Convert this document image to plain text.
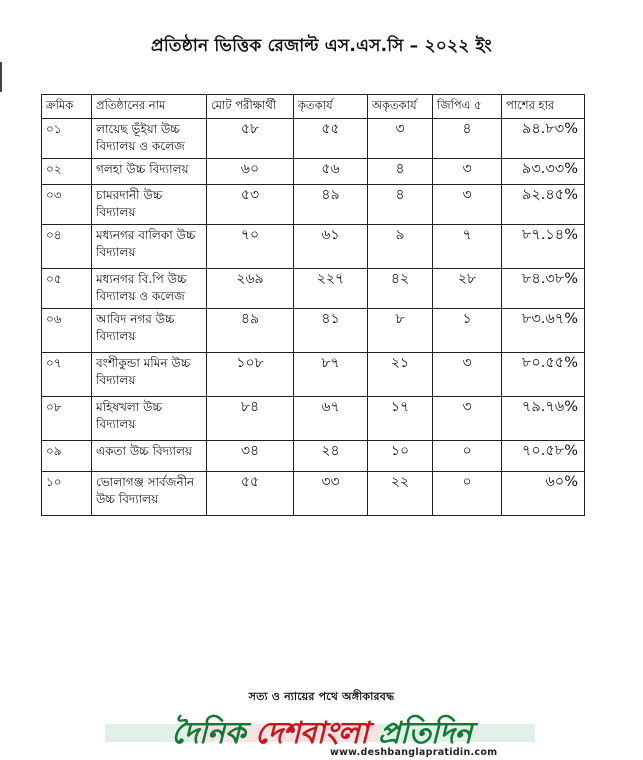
প্রতিষ্ঠান ভিত্তিক রেজাল্ট এস.এস.সি – ২০২২ ইং
ক্রমিক	প্রতিষ্ঠানের নাম	মোট পরীক্ষার্থী	কৃতকার্য	অকৃতকার্য	জিপিএ ৫	পাশের হার
০১	লায়েছ ভূঁইয়া উচ্চ বিদ্যালয় ও কলেজ	৫৮	৫৫	৩	৪	৯৪.৮৩%
০২	গলহা উচ্চ বিদ্যালয়	৬০	৫৬	৪	৩	৯৩.৩৩%
০৩	চামরদানী উচ্চ বিদ্যালয়	৫৩	৪৯	৪	৩	৯২.৪৫%
০৪	মধ্যনগর বালিকা উচ্চ বিদ্যালয়	৭০	৬১	৯	৭	৮৭.১৪%
০৫	মধ্যনগর বি.পি উচ্চ বিদ্যালয় ও কলেজ	২৬৯	২২৭	৪২	২৮	৮৪.৩৮%
০৬	আবিদ নগর উচ্চ বিদ্যালয়	৪৯	৪১	৮	১	৮৩.৬৭%
০৭	বংশীকুন্ডা মমিন উচ্চ বিদ্যালয়	১০৮	৮৭	২১	৩	৮০.৫৫%
০৮	মহিষখলা উচ্চ বিদ্যালয়	৮৪	৬৭	১৭	৩	৭৯.৭৬%
০৯	একতা উচ্চ বিদ্যালয়	৩৪	২৪	১০	০	৭০.৫৮%
১০	ভোলাগঞ্জ সার্বজনীন উচ্চ বিদ্যালয়	৫৫	৩৩	২২	০	৬০%
সত্য ও ন্যায়ের পথে অঙ্গীকারবদ্ধ
দৈনিক দেশবাংলা প্রতিদিন
www.deshbanglapratidin.com
